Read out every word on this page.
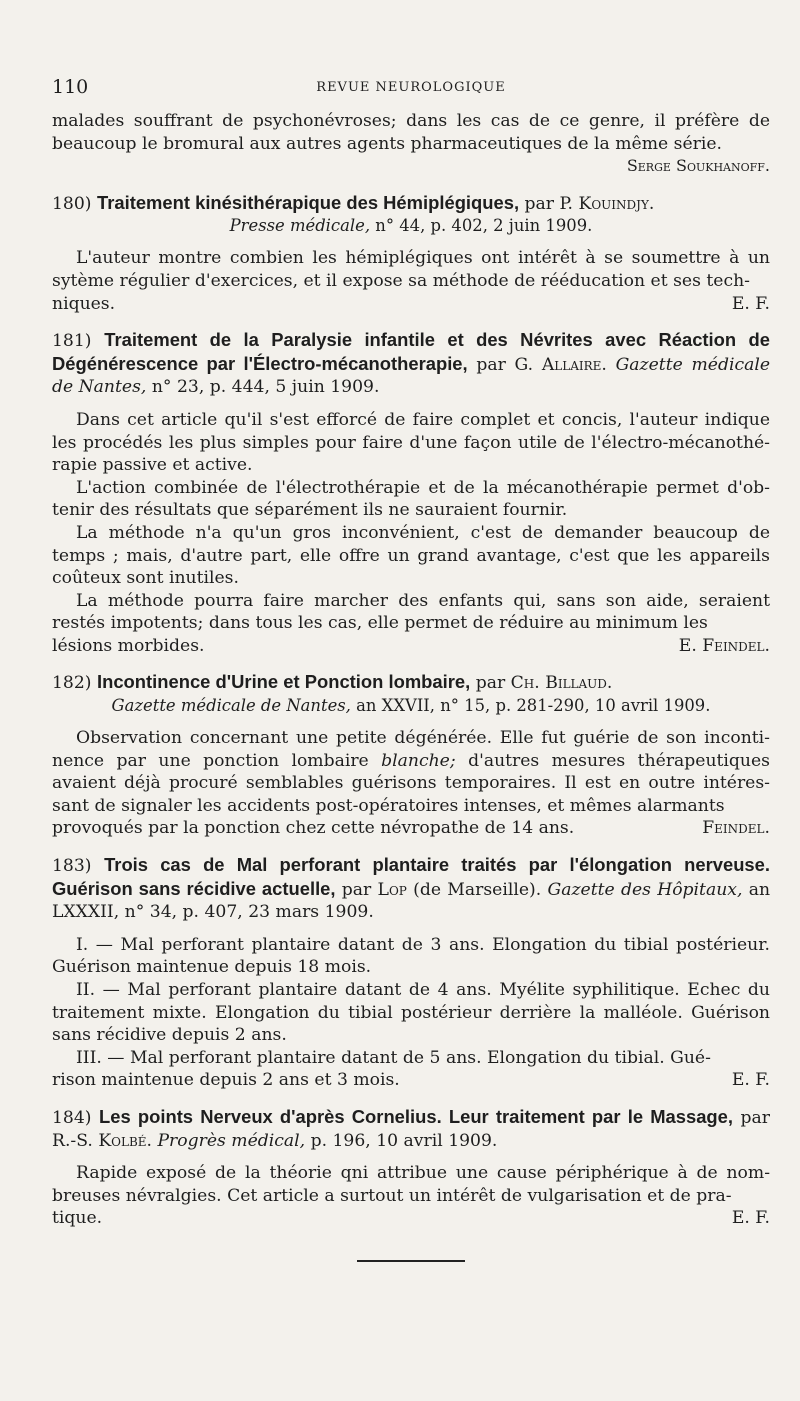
110	REVUE NEUROLOGIQUE

malades souffrant de psychonévroses; dans les cas de ce genre, il préfère de beaucoup le bromural aux autres agents pharmaceutiques de la même série.

Serge Soukhanoff.

180) Traitement kinésithérapique des Hémiplégiques, par P. Kouindjy.
Presse médicale, n° 44, p. 402, 2 juin 1909.

L'auteur montre combien les hémiplégiques ont intérêt à se soumettre à un sytème régulier d'exercices, et il expose sa méthode de rééducation et ses tech-

niques.	E. F.
181) Traitement de la Paralysie infantile et des Névrites avec Réaction de Dégénérescence par l'Électro-mécanotherapie, par G. Allaire. Gazette médicale de Nantes, n° 23, p. 444, 5 juin 1909.

Dans cet article qu'il s'est efforcé de faire complet et concis, l'auteur indique les procédés les plus simples pour faire d'une façon utile de l'électro-mécanothé-rapie passive et active.

L'action combinée de l'électrothérapie et de la mécanothérapie permet d'ob-tenir des résultats que séparément ils ne sauraient fournir.

La méthode n'a qu'un gros inconvénient, c'est de demander beaucoup de temps ; mais, d'autre part, elle offre un grand avantage, c'est que les appareils coûteux sont inutiles.

La méthode pourra faire marcher des enfants qui, sans son aide, seraient restés impotents; dans tous les cas, elle permet de réduire au minimum les

lésions morbides.	E. Feindel.
182) Incontinence d'Urine et Ponction lombaire, par Ch. Billaud.
Gazette médicale de Nantes, an XXVII, n° 15, p. 281-290, 10 avril 1909.

Observation concernant une petite dégénérée. Elle fut guérie de son inconti-nence par une ponction lombaire blanche; d'autres mesures thérapeutiques avaient déjà procuré semblables guérisons temporaires. Il est en outre intéres-sant de signaler les accidents post-opératoires intenses, et mêmes alarmants

provoqués par la ponction chez cette névropathe de 14 ans.	Feindel.
183) Trois cas de Mal perforant plantaire traités par l'élongation nerveuse. Guérison sans récidive actuelle, par Lop (de Marseille). Gazette des Hôpitaux, an LXXXII, n° 34, p. 407, 23 mars 1909.

I. — Mal perforant plantaire datant de 3 ans. Elongation du tibial postérieur. Guérison maintenue depuis 18 mois.

II. — Mal perforant plantaire datant de 4 ans. Myélite syphilitique. Echec du traitement mixte. Elongation du tibial postérieur derrière la malléole. Guérison sans récidive depuis 2 ans.

III. — Mal perforant plantaire datant de 5 ans. Elongation du tibial. Gué-

rison maintenue depuis 2 ans et 3 mois.	E. F.
184) Les points Nerveux d'après Cornelius. Leur traitement par le Massage, par R.-S. Kolbé. Progrès médical, p. 196, 10 avril 1909.

Rapide exposé de la théorie qni attribue une cause périphérique à de nom-breuses névralgies. Cet article a surtout un intérêt de vulgarisation et de pra-

tique.	E. F.
